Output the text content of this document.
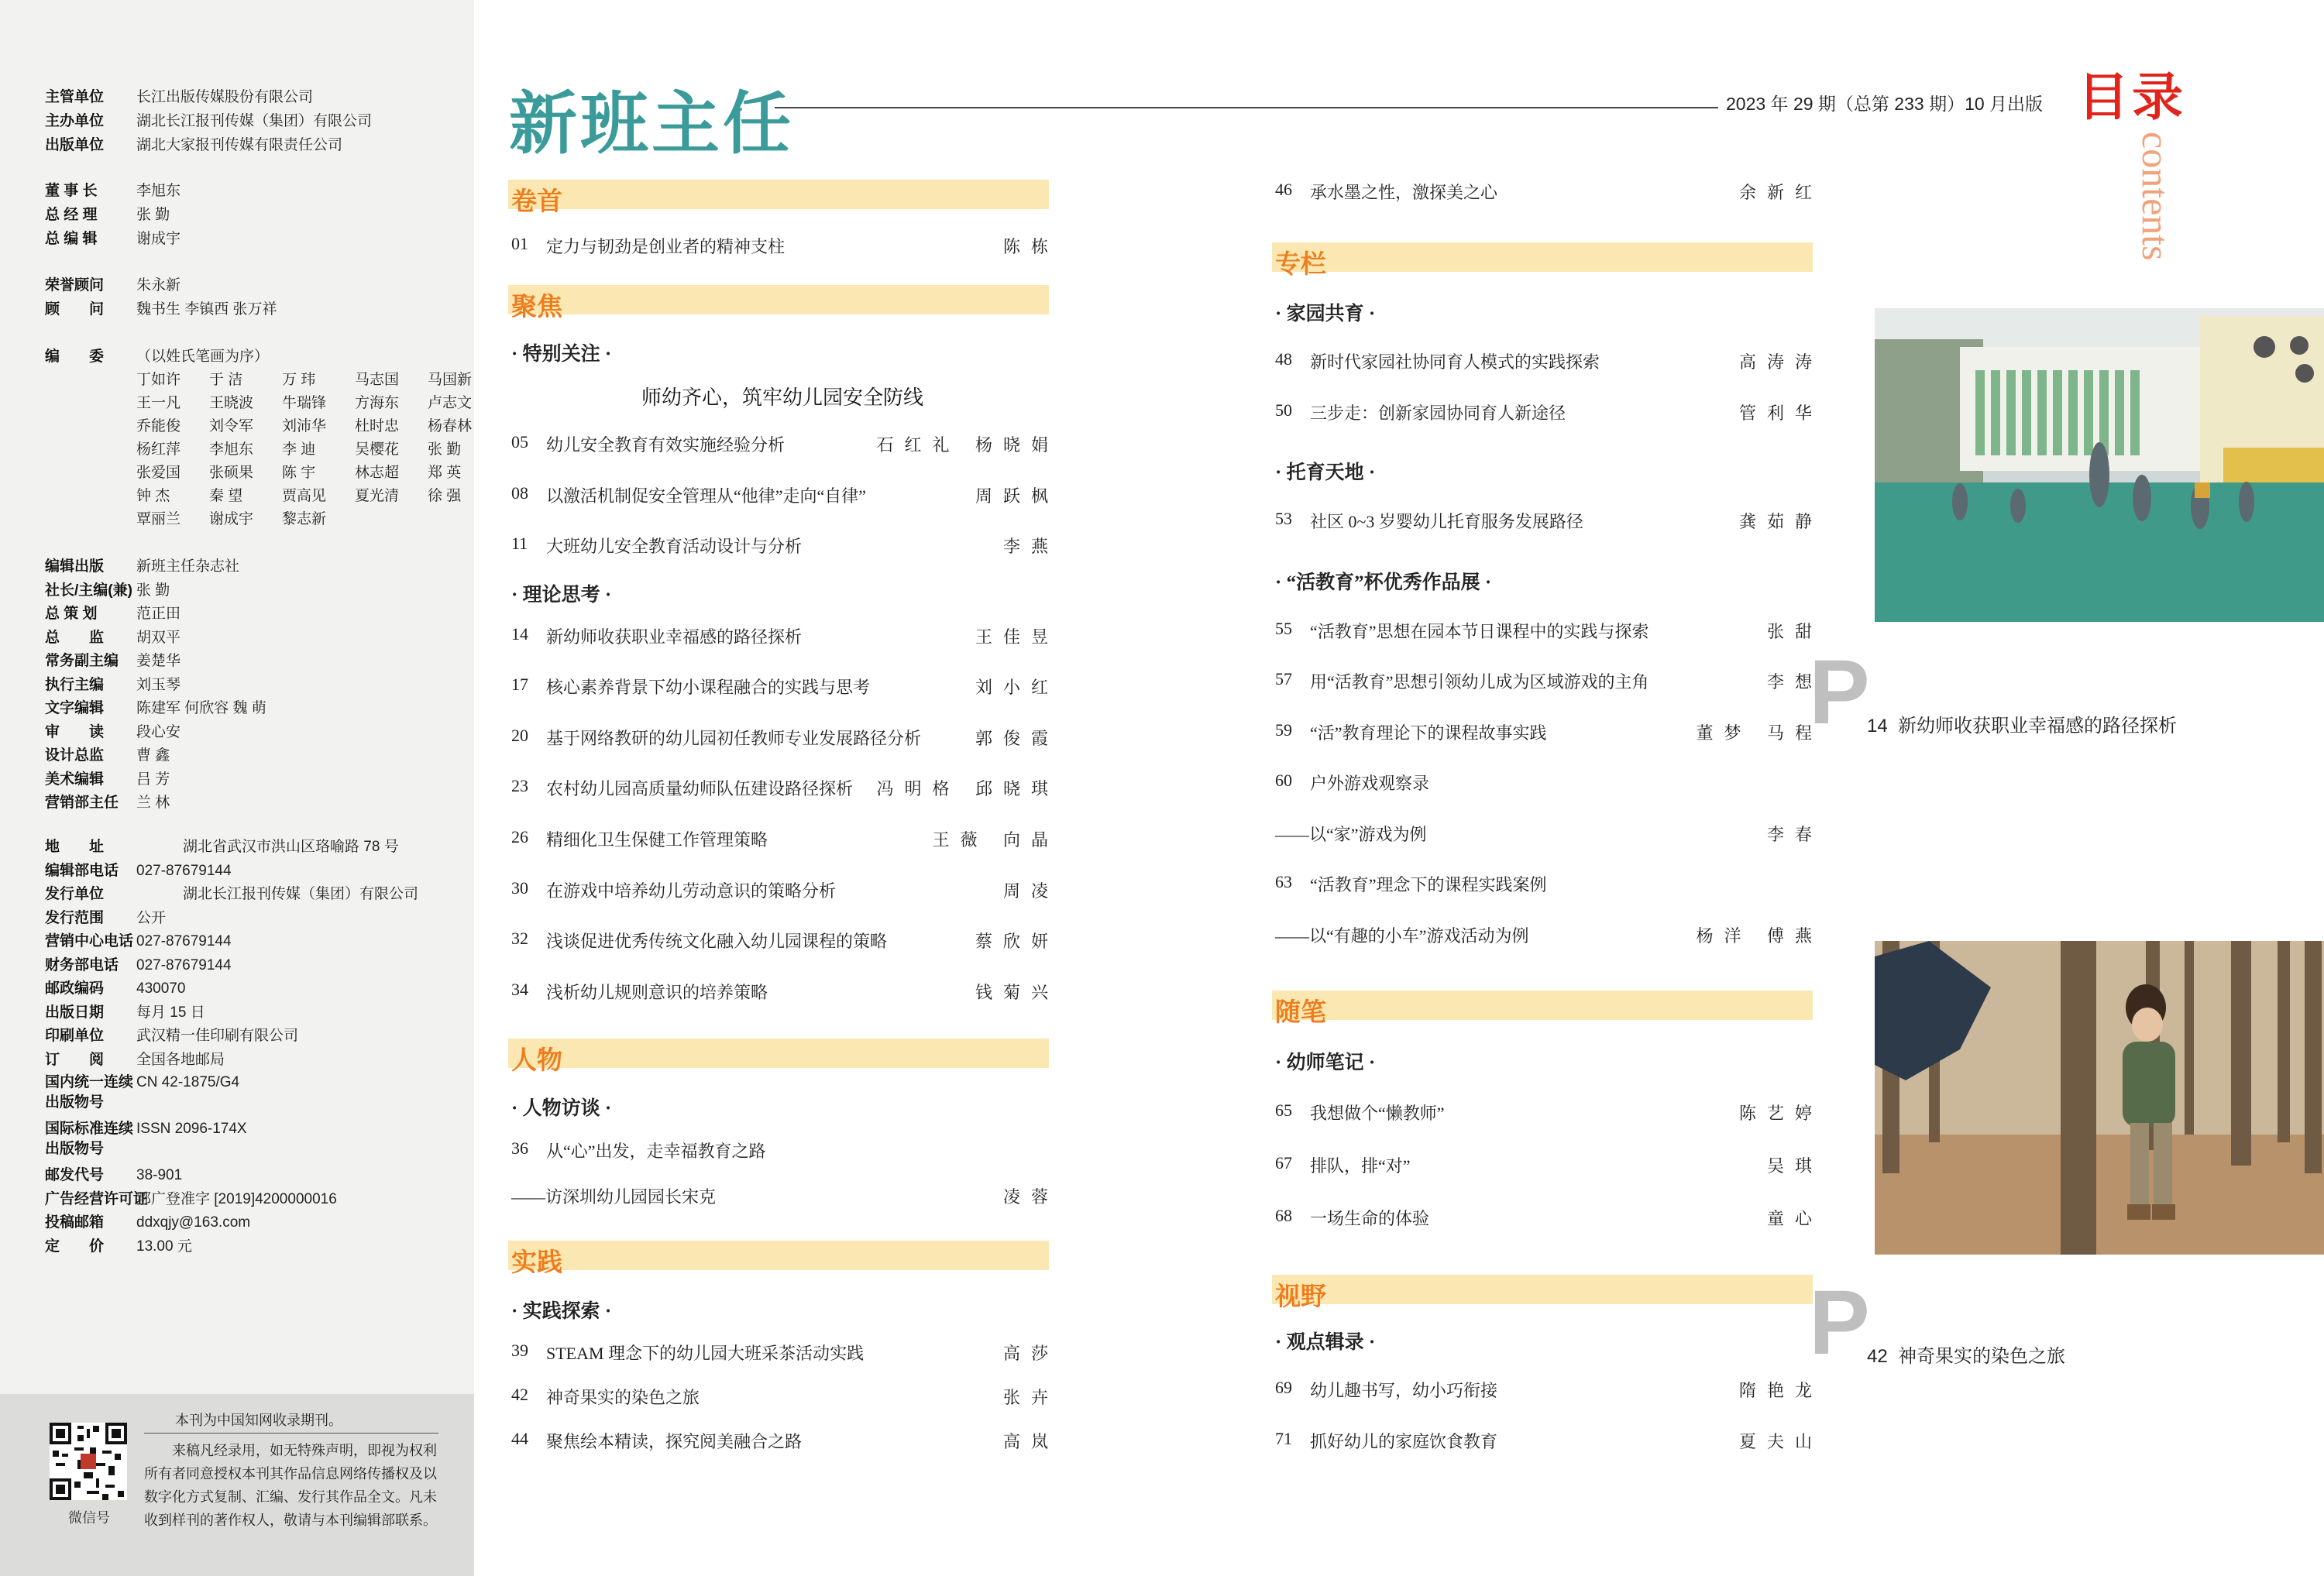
主管单位 长江出版传媒股份有限公司
主办单位 湖北长江报刊传媒（集团）有限公司
出版单位 湖北大家报刊传媒有限责任公司
董 事 长	李旭东
总 经 理	张 勤
总 编 辑	谢成宇
荣誉顾问 朱永新
顾　　问 魏书生 李镇西 张万祥
编　　委 （以姓氏笔画为序）
丁如许 于 洁	万 玮	马志国 马国新
王一凡 王晓波 牛瑞锋 方海东 卢志文
乔能俊 刘令军 刘沛华 杜时忠 杨春林
杨红萍 李旭东 李 迪	吴樱花 张 勤
张爱国 张硕果 陈 宇	林志超 郑 英
钟 杰	秦 望	贾高见 夏光清 徐 强
覃丽兰 谢成宇 黎志新
编辑出版 新班主任杂志社
社长/主编(兼) 张 勤
总 策 划	范正田
总　　监 胡双平
常务副主编 姜楚华
执行主编 刘玉琴
文字编辑 陈建军 何欣容 魏 萌
审　　读 段心安
设计总监 曹 鑫
美术编辑 吕 芳
营销部主任 兰 林
地　　址	湖北省武汉市洪山区珞喻路 78 号
编辑部电话 027-87679144
发行单位	湖北长江报刊传媒（集团）有限公司
发行范围 公开
营销中心电话 027-87679144
财务部电话 027-87679144
邮政编码 430070
出版日期 每月 15 日
印刷单位 武汉精一佳印刷有限公司
订　　阅 全国各地邮局
国内统一连续 CN 42-1875/G4
出版物号
国际标准连续 ISSN 2096-174X
出版物号
邮发代号 38-901
广告经营许可证鄂广登准字 [2019]4200000016
投稿邮箱 ddxqjy@163.com
定　　价 13.00 元
微信号
本刊为中国知网收录期刊。
来稿凡经录用，如无特殊声明，即视为权利所有者同意授权本刊其作品信息网络传播权及以数字化方式复制、汇编、发行其作品全文。凡未收到样刊的著作权人，敬请与本刊编辑部联系。
新班主任	2023 年 29 期（总第 233 期）10 月出版 目录
contents
卷首
01 定力与韧劲是创业者的精神支柱	陈栋
聚焦
· 特别关注 ·
师幼齐心，筑牢幼儿园安全防线
05 幼儿安全教育有效实施经验分析	石红礼 杨晓娟
08 以激活机制促安全管理从“他律”走向“自律”	周跃枫
11 大班幼儿安全教育活动设计与分析	李燕
· 理论思考 ·
14 新幼师收获职业幸福感的路径探析	王佳昱
17 核心素养背景下幼小课程融合的实践与思考	刘小红
20 基于网络教研的幼儿园初任教师专业发展路径分析	郭俊霞
23 农村幼儿园高质量幼师队伍建设路径探析 冯明格 邱晓琪
26 精细化卫生保健工作管理策略	王薇 向晶
30 在游戏中培养幼儿劳动意识的策略分析	周凌
32 浅谈促进优秀传统文化融入幼儿园课程的策略	蔡欣妍
34 浅析幼儿规则意识的培养策略	钱菊兴
人物
· 人物访谈 ·
36 从“心”出发，走幸福教育之路
——访深圳幼儿园园长宋克	凌蓉
实践
· 实践探索 ·
39 STEAM 理念下的幼儿园大班采茶活动实践	高莎
42 神奇果实的染色之旅	张卉
44 聚焦绘本精读，探究阅美融合之路	高岚
46 承水墨之性，激探美之心	余新红
专栏
· 家园共育 ·
48 新时代家园社协同育人模式的实践探索	高涛涛
50 三步走：创新家园协同育人新途径	管利华
· 托育天地 ·
53 社区 0~3 岁婴幼儿托育服务发展路径	龚茹静
· “活教育”杯优秀作品展 ·
55 “活教育”思想在园本节日课程中的实践与探索	张甜
57 用“活教育”思想引领幼儿成为区域游戏的主角	李想
59 “活”教育理论下的课程故事实践	董梦 马程
60 户外游戏观察录
——以“家”游戏为例	李春
63 “活教育”理念下的课程实践案例
——以“有趣的小车”游戏活动为例	杨洋 傅燕
随笔
· 幼师笔记 ·
65 我想做个“懒教师”	陈艺婷
67 排队，排“对”	吴琪
68 一场生命的体验	童心
视野
· 观点辑录 ·
69 幼儿趣书写，幼小巧衔接	隋艳龙
71 抓好幼儿的家庭饮食教育	夏夫山
P
14 新幼师收获职业幸福感的路径探析
P
42 神奇果实的染色之旅
